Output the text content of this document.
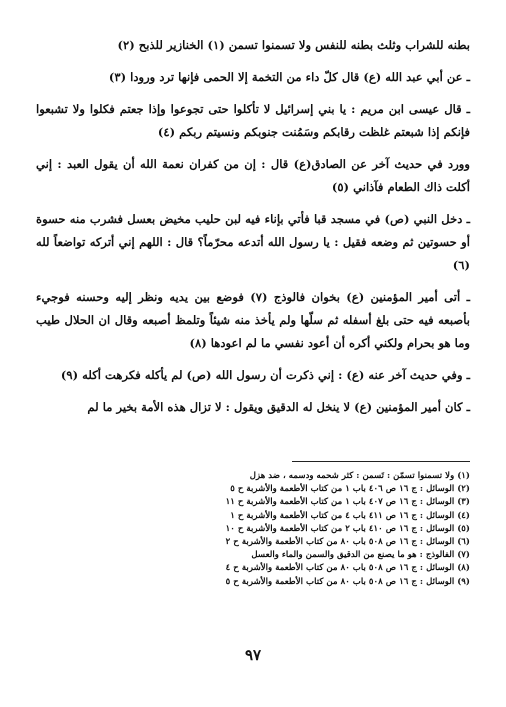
بطنه للشراب وثلث بطنه للنفس ولا تسمنوا تسمن (١) الخنازير للذبح (٢)

ـ عن أبي عبد الله (ع) قال كلّ داء من التخمة إلا الحمى فإنها ترد ورودا (٣)

ـ قال عيسى ابن مريم : يا بني إسرائيل لا تأكلوا حتى تجوعوا وإذا جعتم فكلوا ولا تشبعوا فإنكم إذا شبعتم غلظت رقابكم وسَمُنت جنوبكم ونسيتم ربكم (٤)

وورد في حديث آخر عن الصادق(ع) قال : إن من كفران نعمة الله أن يقول العبد : إني أكلت ذاك الطعام فآذاني (٥)

ـ دخل النبي (ص) في مسجد قبا فأتي بإناء فيه لبن حليب مخيض بعسل فشرب منه حسوة أو حسوتين ثم وضعه فقيل : يا رسول الله أتدعه محرّماً؟ قال : اللهم إني أتركه تواضعاً لله (٦)

ـ أتى أمير المؤمنين (ع) بخوان فالوذج (٧) فوضع بين يديه ونظر إليه وحسنه فوجيء بأصبعه فيه حتى بلغ أسفله ثم سلّها ولم يأخذ منه شيئاً وتلمظ أصبعه وقال ان الحلال طيب وما هو بحرام ولكني أكره أن أعود نفسي ما لم اعودها (٨)

ـ وفي حديث آخر عنه (ع) : إني ذكرت أن رسول الله (ص) لم يأكله فكرهت أكله (٩)

ـ كان أمير المؤمنين (ع) لا ينخل له الدقيق ويقول : لا تزال هذه الأمة بخير ما لم

(١) ولا تسمنوا تسمّن : تَسمن : كثر شحمه ودسمه ، ضد هزل
(٢) الوسائل : ج ١٦ ص ٤٠٦ باب ١ من كتاب الأطعمة والأشربة ح ٥
(٣) الوسائل : ج ١٦ ص ٤٠٧ باب ١ من كتاب الأطعمة والأشربة ح ١١
(٤) الوسائل : ج ١٦ ص ٤١١ باب ٤ من كتاب الأطعمة والأشربة ح ١
(٥) الوسائل : ج ١٦ ص ٤١٠ باب ٢ من كتاب الأطعمة والأشربة ح ١٠
(٦) الوسائل : ج ١٦ ص ٥٠٨ باب ٨٠ من كتاب الأطعمة والأشربة ح ٢
(٧) الفالوذج : هو ما يصنع من الدقيق والسمن والماء والعسل
(٨) الوسائل : ج ١٦ ص ٥٠٨ باب ٨٠ من كتاب الأطعمة والأشربة ح ٤
(٩) الوسائل : ج ١٦ ص ٥٠٨ باب ٨٠ من كتاب الأطعمة والأشربة ح ٥
٩٧
